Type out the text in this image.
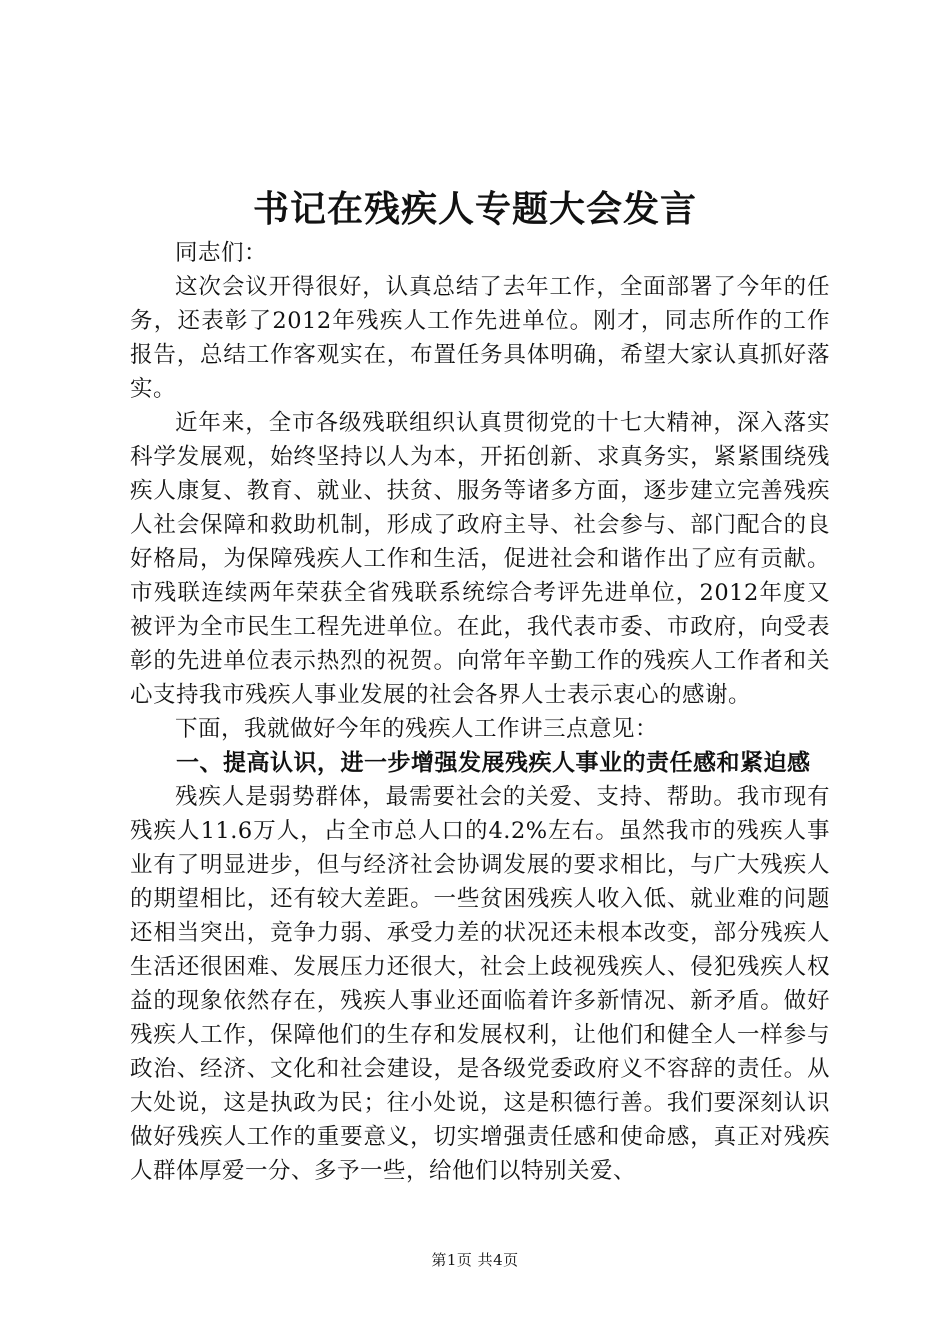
书记在残疾人专题大会发言

同志们：

这次会议开得很好，认真总结了去年工作，全面部署了今年的任务，还表彰了2012年残疾人工作先进单位。刚才，同志所作的工作报告，总结工作客观实在，布置任务具体明确，希望大家认真抓好落实。

近年来，全市各级残联组织认真贯彻党的十七大精神，深入落实科学发展观，始终坚持以人为本，开拓创新、求真务实，紧紧围绕残疾人康复、教育、就业、扶贫、服务等诸多方面，逐步建立完善残疾人社会保障和救助机制，形成了政府主导、社会参与、部门配合的良好格局，为保障残疾人工作和生活，促进社会和谐作出了应有贡献。市残联连续两年荣获全省残联系统综合考评先进单位，2012年度又被评为全市民生工程先进单位。在此，我代表市委、市政府，向受表彰的先进单位表示热烈的祝贺。向常年辛勤工作的残疾人工作者和关心支持我市残疾人事业发展的社会各界人士表示衷心的感谢。

下面，我就做好今年的残疾人工作讲三点意见：

一、提高认识，进一步增强发展残疾人事业的责任感和紧迫感

残疾人是弱势群体，最需要社会的关爱、支持、帮助。我市现有残疾人11.6万人，占全市总人口的4.2%左右。虽然我市的残疾人事业有了明显进步，但与经济社会协调发展的要求相比，与广大残疾人的期望相比，还有较大差距。一些贫困残疾人收入低、就业难的问题还相当突出，竞争力弱、承受力差的状况还未根本改变，部分残疾人生活还很困难、发展压力还很大，社会上歧视残疾人、侵犯残疾人权益的现象依然存在，残疾人事业还面临着许多新情况、新矛盾。做好残疾人工作，保障他们的生存和发展权利，让他们和健全人一样参与政治、经济、文化和社会建设，是各级党委政府义不容辞的责任。从大处说，这是执政为民；往小处说，这是积德行善。我们要深刻认识做好残疾人工作的重要意义，切实增强责任感和使命感，真正对残疾人群体厚爱一分、多予一些，给他们以特别关爱、

第1页 共4页
